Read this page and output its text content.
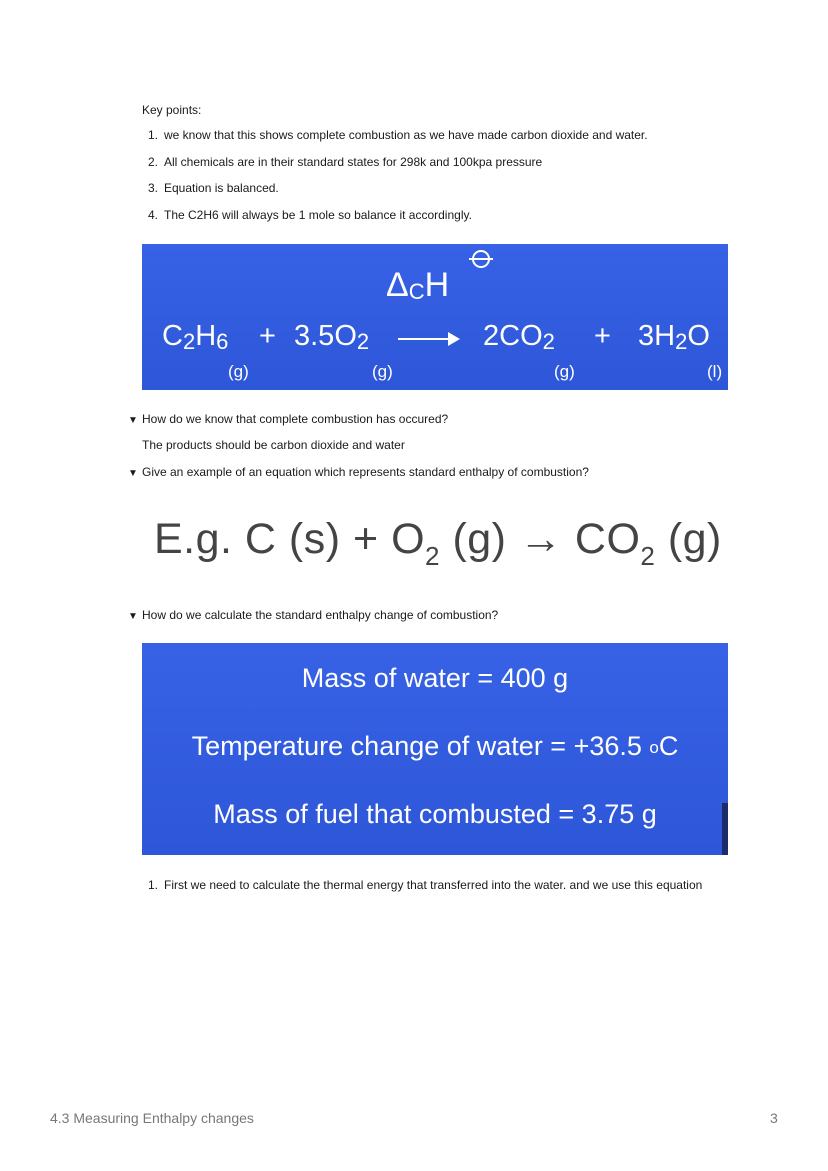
Key points:
1. we know that this shows complete combustion as we have made carbon dioxide and water.
2. All chemicals are in their standard states for 298k and 100kpa pressure
3. Equation is balanced.
4. The C2H6 will always be 1 mole so balance it accordingly.
$\Delta_CH$
$C_2H_6 + 3.5O_2$	$2CO_2 + 3H_2O$
(g)	(g)	(g)	(l)
▼ How do we know that complete combustion has occured?
The products should be carbon dioxide and water
▼ Give an example of an equation which represents standard enthalpy of combustion?
E.g. C $(s) + O_2$ $(g) \to CO_2$ (g)
▼ How do we calculate the standard enthalpy change of combustion?
Mass of water = 400 g
Temperature change of water = +36.5 $^o$C
Mass of fuel that combusted = 3.75 g
1. First we need to calculate the thermal energy that transferred into the water. and we use this equation
4.3 Measuring Enthalpy changes	3
